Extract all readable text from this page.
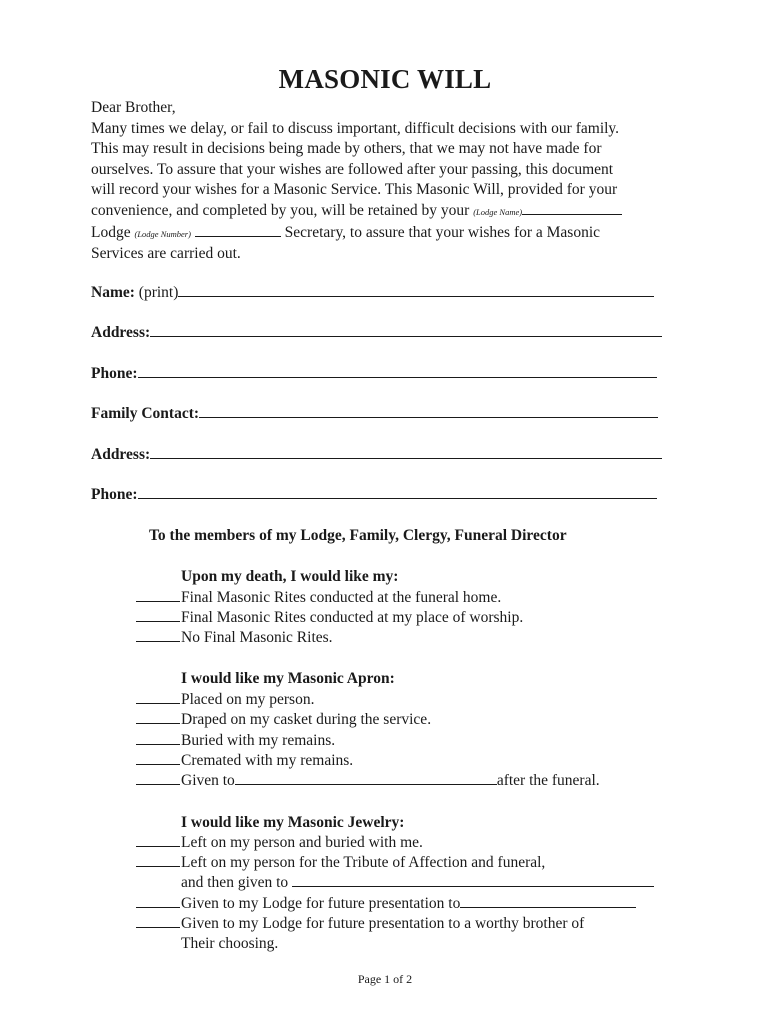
MASONIC WILL

Dear Brother,

Many times we delay, or fail to discuss important, difficult decisions with our family.

This may result in decisions being made by others, that we may not have made for

ourselves. To assure that your wishes are followed after your passing, this document

will record your wishes for a Masonic Service. This Masonic Will, provided for your

convenience, and completed by you, will be retained by your (Lodge Name)

Lodge (Lodge Number)	Secretary, to assure that your wishes for a Masonic

Services are carried out.

Name:
(print)
Address:
Phone:
Family Contact:
Address:
Phone:
To the members of my Lodge, Family, Clergy, Funeral Director
Upon my death, I would like my:
Final Masonic Rites conducted at the funeral home.
Final Masonic Rites conducted at my place of worship.
No Final Masonic Rites.
I would like my Masonic Apron:
Placed on my person.
Draped on my casket during the service.
Buried with my remains.
Cremated with my remains.
Given to	after the funeral.
I would like my Masonic Jewelry:
Left on my person and buried with me.
Left on my person for the Tribute of Affection and funeral,
and then given to

Given to my Lodge for future presentation to
Given to my Lodge for future presentation to a worthy brother of
Their choosing.
Page 1 of 2
